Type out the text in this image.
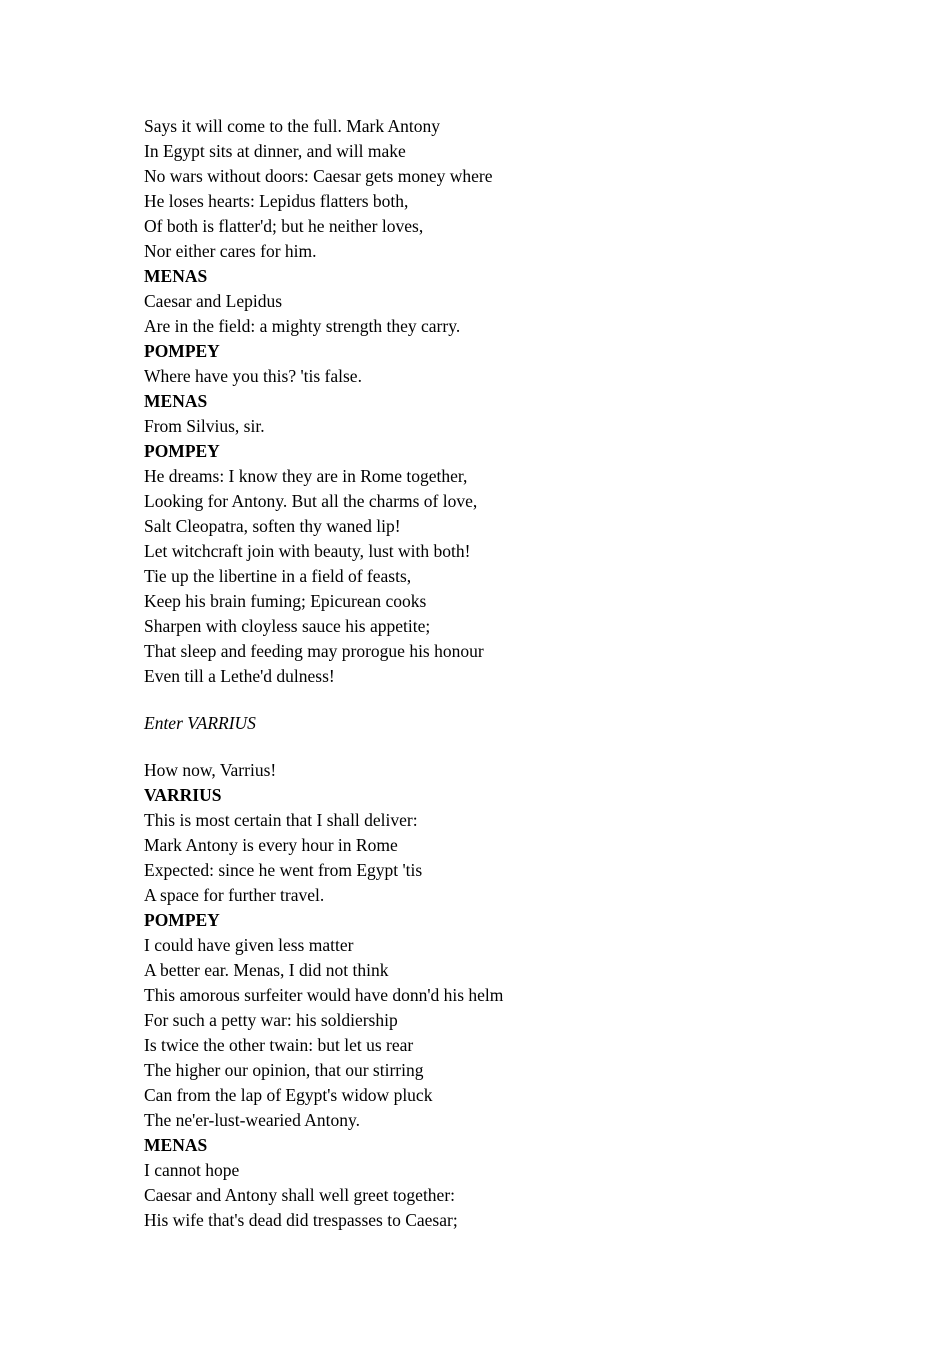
Says it will come to the full. Mark Antony
In Egypt sits at dinner, and will make
No wars without doors: Caesar gets money where
He loses hearts: Lepidus flatters both,
Of both is flatter'd; but he neither loves,
Nor either cares for him.
MENAS
Caesar and Lepidus
Are in the field: a mighty strength they carry.
POMPEY
Where have you this? 'tis false.
MENAS
From Silvius, sir.
POMPEY
He dreams: I know they are in Rome together,
Looking for Antony. But all the charms of love,
Salt Cleopatra, soften thy waned lip!
Let witchcraft join with beauty, lust with both!
Tie up the libertine in a field of feasts,
Keep his brain fuming; Epicurean cooks
Sharpen with cloyless sauce his appetite;
That sleep and feeding may prorogue his honour
Even till a Lethe'd dulness!
Enter VARRIUS
How now, Varrius!
VARRIUS
This is most certain that I shall deliver:
Mark Antony is every hour in Rome
Expected: since he went from Egypt 'tis
A space for further travel.
POMPEY
I could have given less matter
A better ear. Menas, I did not think
This amorous surfeiter would have donn'd his helm
For such a petty war: his soldiership
Is twice the other twain: but let us rear
The higher our opinion, that our stirring
Can from the lap of Egypt's widow pluck
The ne'er-lust-wearied Antony.
MENAS
I cannot hope
Caesar and Antony shall well greet together:
His wife that's dead did trespasses to Caesar;
